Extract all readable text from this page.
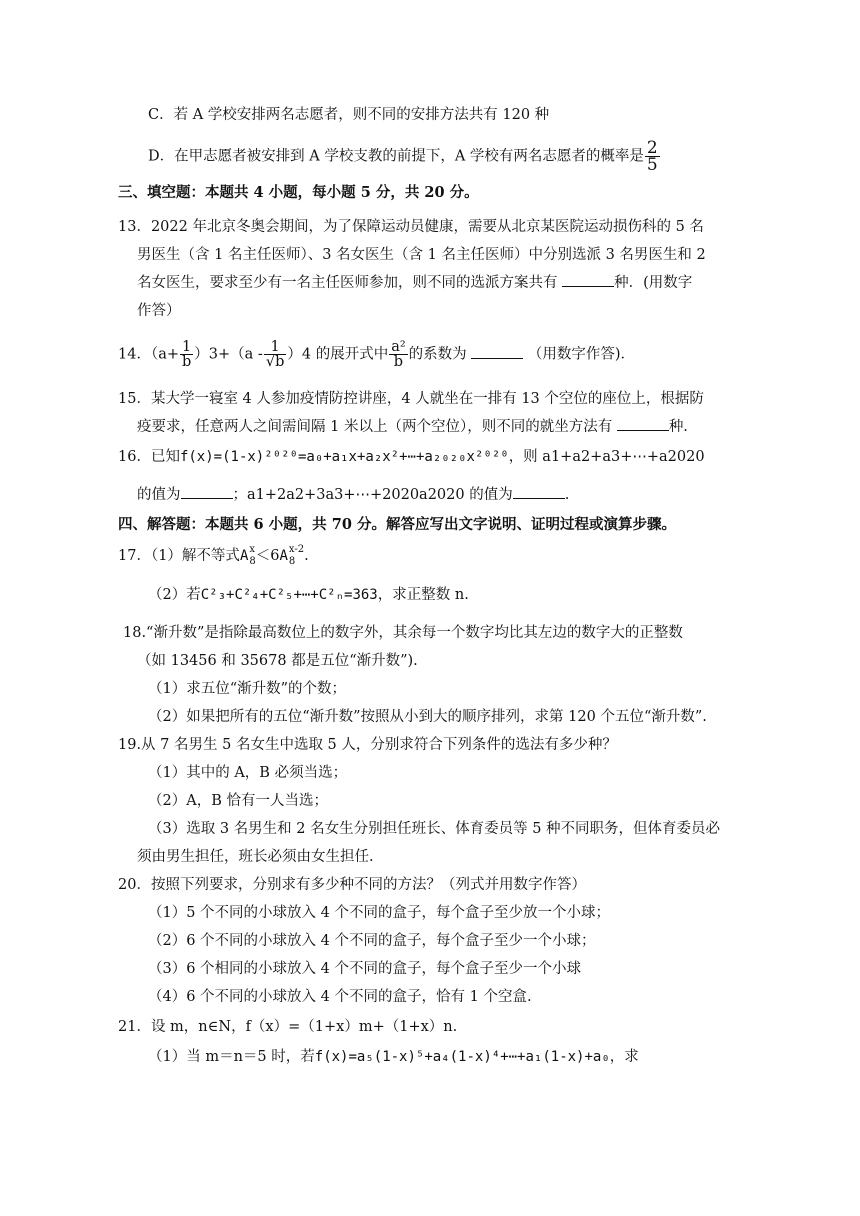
C．若 A 学校安排两名志愿者，则不同的安排方法共有 120 种
D．在甲志愿者被安排到 A 学校支教的前提下，A 学校有两名志愿者的概率是 $\frac{2}{5}$
三、填空题：本题共 4 小题，每小题 5 分，共 20 分。
13．2022 年北京冬奥会期间，为了保障运动员健康，需要从北京某医院运动损伤科的 5 名
男医生（含 1 名主任医师）、3 名女医生（含 1 名主任医师）中分别选派 3 名男医生和 2
名女医生，要求至少有一名主任医师参加，则不同的选派方案共有	种．(用数字
作答）
14．$(a+ \frac{1}{b} )3+(a - \frac{1}{√b} )4$ 的展开式中 $\frac{\text{a²}}{b}$ 的系数为	（用数字作答)．
15．某大学一寝室 4 人参加疫情防控讲座，4 人就坐在一排有 13 个空位的座位上，根据防
疫要求，任意两人之间需间隔 1 米以上（两个空位），则不同的就坐方法有	种.
16．已知f(x)=(1-x)²⁰²⁰=a₀+a₁x+a₂x²+⋯+a₂₀₂₀x²⁰²⁰，则 a1+a2+a3+⋯+a2020
的值为	；a1+2a2+3a3+⋯+2020a2020 的值为	.
四、解答题：本题共 6 小题，共 70 分。解答应写出文字说明、证明过程或演算步骤。
17．（1）解不等式A x
8 ＜6A x-2
8 .
（2）若C²₃+C²₄+C²₅+⋯+C²ₙ=363，求正整数 n.
18.“渐升数”是指除最高数位上的数字外，其余每一个数字均比其左边的数字大的正整数
（如 13456 和 35678 都是五位“渐升数”).
（1）求五位“渐升数”的个数；
（2）如果把所有的五位“渐升数”按照从小到大的顺序排列，求第 120 个五位“渐升数”.
19.从 7 名男生 5 名女生中选取 5 人，分别求符合下列条件的选法有多少种？
（1）其中的 A，B 必须当选；
（2）A，B 恰有一人当选；
（3）选取 3 名男生和 2 名女生分别担任班长、体育委员等 5 种不同职务，但体育委员必
须由男生担任，班长必须由女生担任.
20．按照下列要求，分别求有多少种不同的方法？（列式并用数字作答）
（1）5 个不同的小球放入 4 个不同的盒子，每个盒子至少放一个小球；
（2）6 个不同的小球放入 4 个不同的盒子，每个盒子至少一个小球；
（3）6 个相同的小球放入 4 个不同的盒子，每个盒子至少一个小球
（4）6 个不同的小球放入 4 个不同的盒子，恰有 1 个空盒.
21．设 m，n∈N，f（x）=（1+x）m+（1+x）n.
（1）当 m＝n＝5 时，若f(x)=a₅(1-x)⁵+a₄(1-x)⁴+⋯+a₁(1-x)+a₀，求
